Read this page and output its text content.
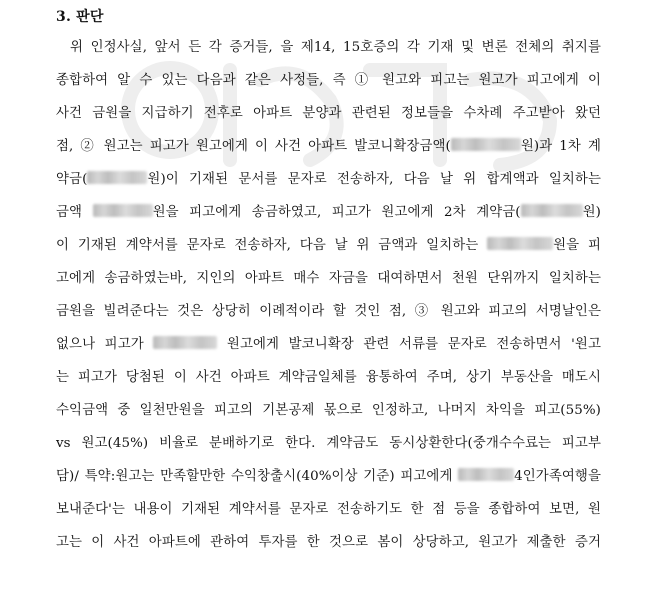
3. 판단
위 인정사실, 앞서 든 각 증거들, 을 제14, 15호증의 각 기재 및 변론 전체의 취지를
종합하여 알 수 있는 다음과 같은 사정들, 즉 ① 원고와 피고는 원고가 피고에게 이
사건 금원을 지급하기 전후로 아파트 분양과 관련된 정보들을 수차례 주고받아 왔던
점, ② 원고는 피고가 원고에게 이 사건 아파트 발코니확장금액(	원)과 1차 계
약금(	원)이 기재된 문서를 문자로 전송하자, 다음 날 위 합계액과 일치하는
금액	원을 피고에게 송금하였고, 피고가 원고에게 2차 계약금(	원)
이 기재된 계약서를 문자로 전송하자, 다음 날 위 금액과 일치하는	원을 피
고에게 송금하였는바, 지인의 아파트 매수 자금을 대여하면서 천원 단위까지 일치하는
금원을 빌려준다는 것은 상당히 이례적이라 할 것인 점, ③ 원고와 피고의 서명날인은
없으나 피고가	원고에게 발코니확장 관련 서류를 문자로 전송하면서 '원고
는 피고가 당첨된 이 사건 아파트 계약금일체를 융통하여 주며, 상기 부동산을 매도시
수익금액 중 일천만원을 피고의 기본공제 몫으로 인정하고, 나머지 차익을 피고(55%)
vs 원고(45%) 비율로 분배하기로 한다. 계약금도 동시상환한다(중개수수료는 피고부
담)/ 특약:원고는 만족할만한 수익창출시(40%이상 기준) 피고에게	4인가족여행을
보내준다'는 내용이 기재된 계약서를 문자로 전송하기도 한 점 등을 종합하여 보면, 원
고는 이 사건 아파트에 관하여 투자를 한 것으로 봄이 상당하고, 원고가 제출한 증거
